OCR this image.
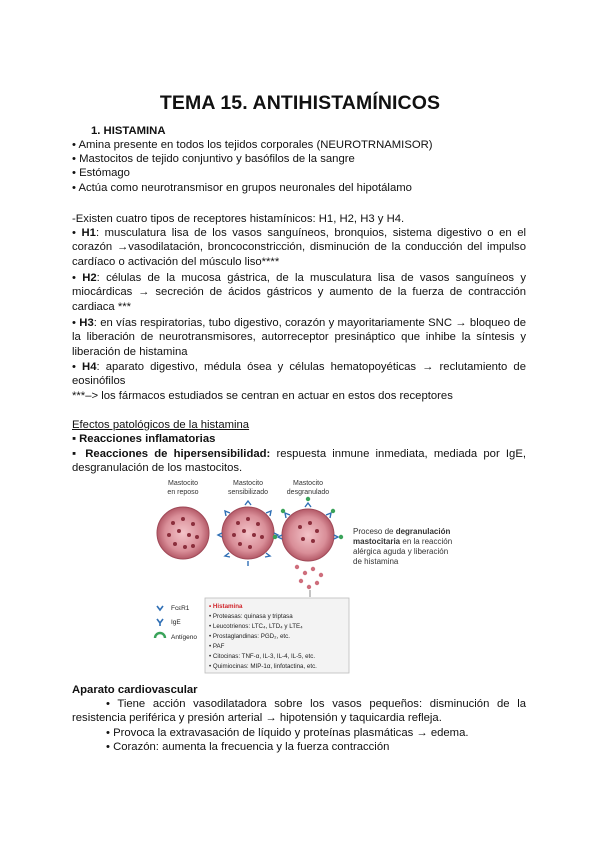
TEMA 15. ANTIHISTAMÍNICOS
1. HISTAMINA
• Amina presente en todos los tejidos corporales (NEUROTRNAMISOR)
• Mastocitos de tejido conjuntivo y basófilos de la sangre
• Estómago
• Actúa como neurotransmisor en grupos neuronales del hipotálamo
-Existen cuatro tipos de receptores histamínicos: H1, H2, H3 y H4.
• H1: musculatura lisa de los vasos sanguíneos, bronquios, sistema digestivo o en el corazón →vasodilatación, broncoconstricción, disminución de la conducción del impulso cardíaco o activación del músculo liso****
• H2: células de la mucosa gástrica, de la musculatura lisa de vasos sanguíneos y miocárdicas → secreción de ácidos gástricos y aumento de la fuerza de contracción cardiaca ***
• H3: en vías respiratorias, tubo digestivo, corazón y mayoritariamente SNC → bloqueo de la liberación de neurotransmisores, autorreceptor presináptico que inhibe la síntesis y liberación de histamina
• H4: aparato digestivo, médula ósea y células hematopoyéticas → reclutamiento de eosinófilos
***–> los fármacos estudiados se centran en actuar en estos dos receptores
Efectos patológicos de la histamina
▪ Reacciones inflamatorias
▪ Reacciones de hipersensibilidad: respuesta inmune inmediata, mediada por IgE, desgranulación de los mastocitos.
Mastocito
en reposo
Mastocito
sensibilizado
Mastocito
desgranulado
Proceso de degranulación
mastocitaria en la reacción
alérgica aguda y liberación
de histamina
FcεR1
IgE
Antígeno
• Histamina
• Proteasas: quinasa y triptasa
• Leucotrienos: LTC₄, LTD₄ y LTE₄
• Prostaglandinas: PGD₂, etc.
• PAF
• Citocinas: TNF-α, IL-3, IL-4, IL-5, etc.
• Quimiocinas: MIP-1α, linfotactina, etc.
Aparato cardiovascular
• Tiene acción vasodilatadora sobre los vasos pequeños: disminución de la resistencia periférica y presión arterial → hipotensión y taquicardia refleja.
• Provoca la extravasación de líquido y proteínas plasmáticas → edema.
• Corazón: aumenta la frecuencia y la fuerza contracción
